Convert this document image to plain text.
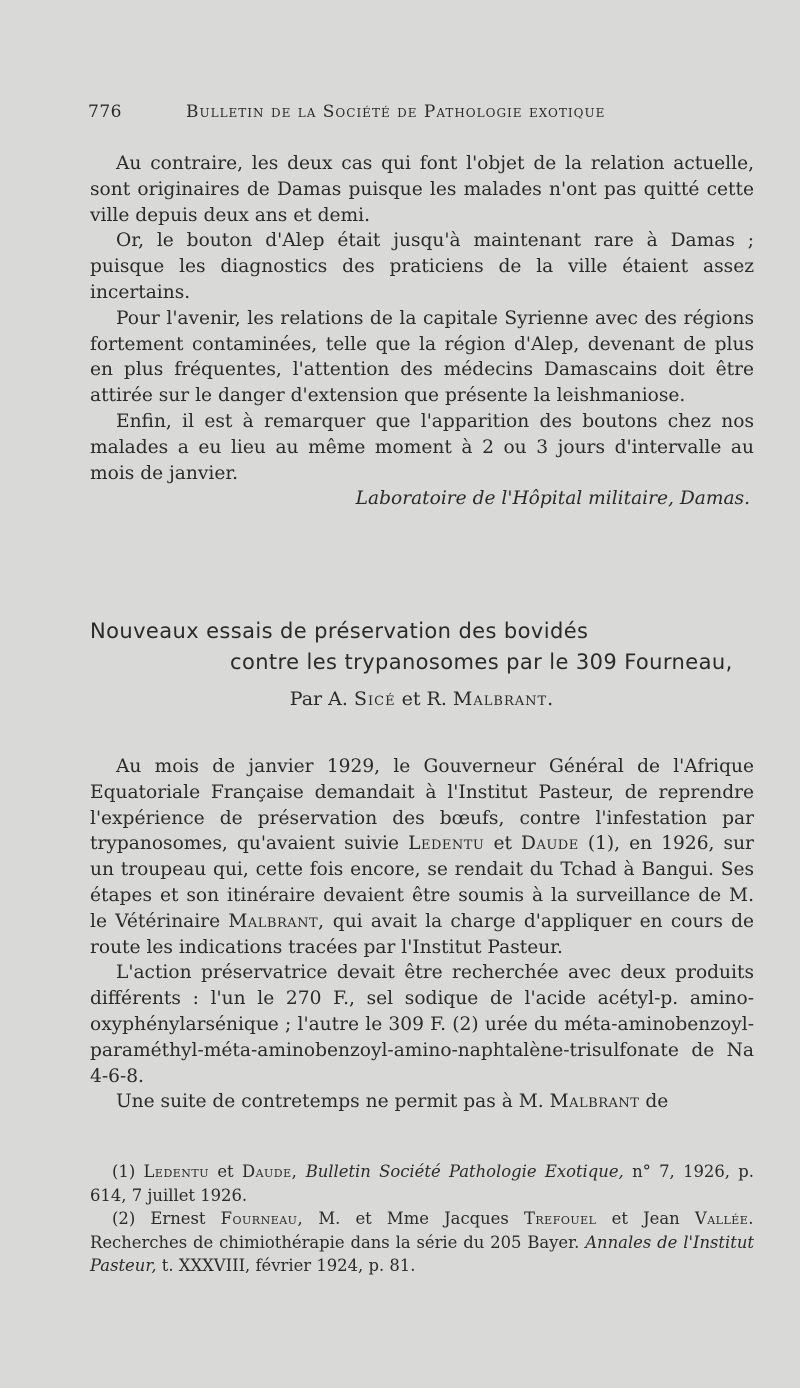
776	Bulletin de la Société de Pathologie exotique

Au contraire, les deux cas qui font l'objet de la relation actuelle, sont originaires de Damas puisque les malades n'ont pas quitté cette ville depuis deux ans et demi.

Or, le bouton d'Alep était jusqu'à maintenant rare à Damas ; puisque les diagnostics des praticiens de la ville étaient assez incertains.

Pour l'avenir, les relations de la capitale Syrienne avec des régions fortement contaminées, telle que la région d'Alep, devenant de plus en plus fréquentes, l'attention des médecins Damascains doit être attirée sur le danger d'extension que présente la leishmaniose.

Enfin, il est à remarquer que l'apparition des boutons chez nos malades a eu lieu au même moment à 2 ou 3 jours d'intervalle au mois de janvier.

Laboratoire de l'Hôpital militaire, Damas.

Nouveaux essais de préservation des bovidés
contre les trypanosomes par le 309 Fourneau,
Par A. Sicé et R. Malbrant.

Au mois de janvier 1929, le Gouverneur Général de l'Afrique Equatoriale Française demandait à l'Institut Pasteur, de reprendre l'expérience de préservation des bœufs, contre l'infestation par trypanosomes, qu'avaient suivie Ledentu et Daude (1), en 1926, sur un troupeau qui, cette fois encore, se rendait du Tchad à Bangui. Ses étapes et son itinéraire devaient être soumis à la surveillance de M. le Vétérinaire Malbrant, qui avait la charge d'appliquer en cours de route les indications tracées par l'Institut Pasteur.

L'action préservatrice devait être recherchée avec deux produits différents : l'un le 270 F., sel sodique de l'acide acétyl-p. amino-oxyphénylarsénique ; l'autre le 309 F. (2) urée du méta-aminobenzoyl-paraméthyl-méta-aminobenzoyl-amino-naphtalène-trisulfonate de Na 4-6-8.

Une suite de contretemps ne permit pas à M. Malbrant de

(1) Ledentu et Daude, Bulletin Société Pathologie Exotique, n° 7, 1926, p. 614, 7 juillet 1926.

(2) Ernest Fourneau, M. et Mme Jacques Trefouel et Jean Vallée. Recherches de chimiothérapie dans la série du 205 Bayer. Annales de l'Institut Pasteur, t. XXXVIII, février 1924, p. 81.
